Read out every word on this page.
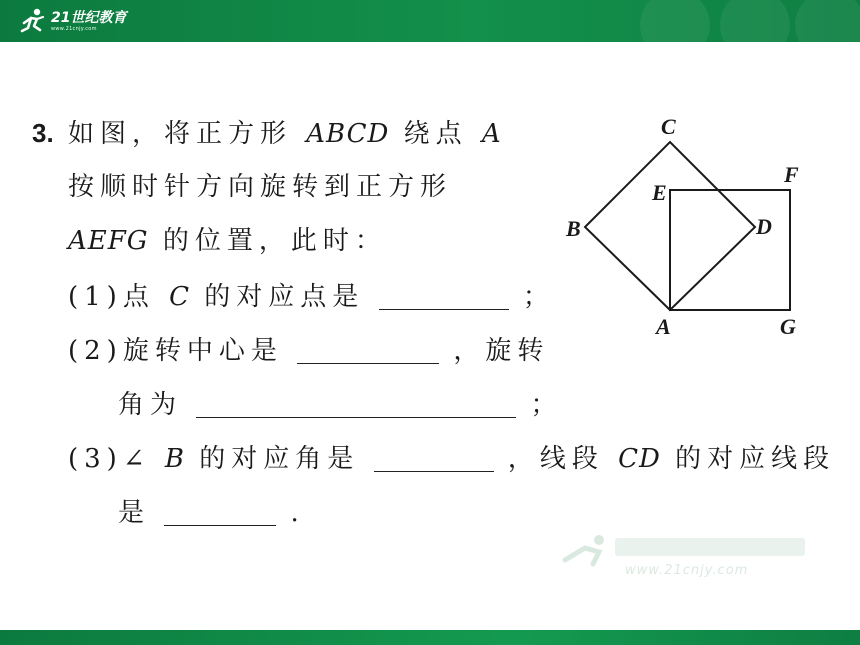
21世纪教育
www.21cnjy.com
3. 如图，将正方形 ABCD 绕点 A
按顺时针方向旋转到正方形
AEFG 的位置，此时：
(1)点 C 的对应点是	；
(2)旋转中心是	，旋转
角为	；
(3)∠ B 的对应角是	，线段 CD 的对应线段
是	.
C
F
E
B	D
A	G
www.21cnjy.com
